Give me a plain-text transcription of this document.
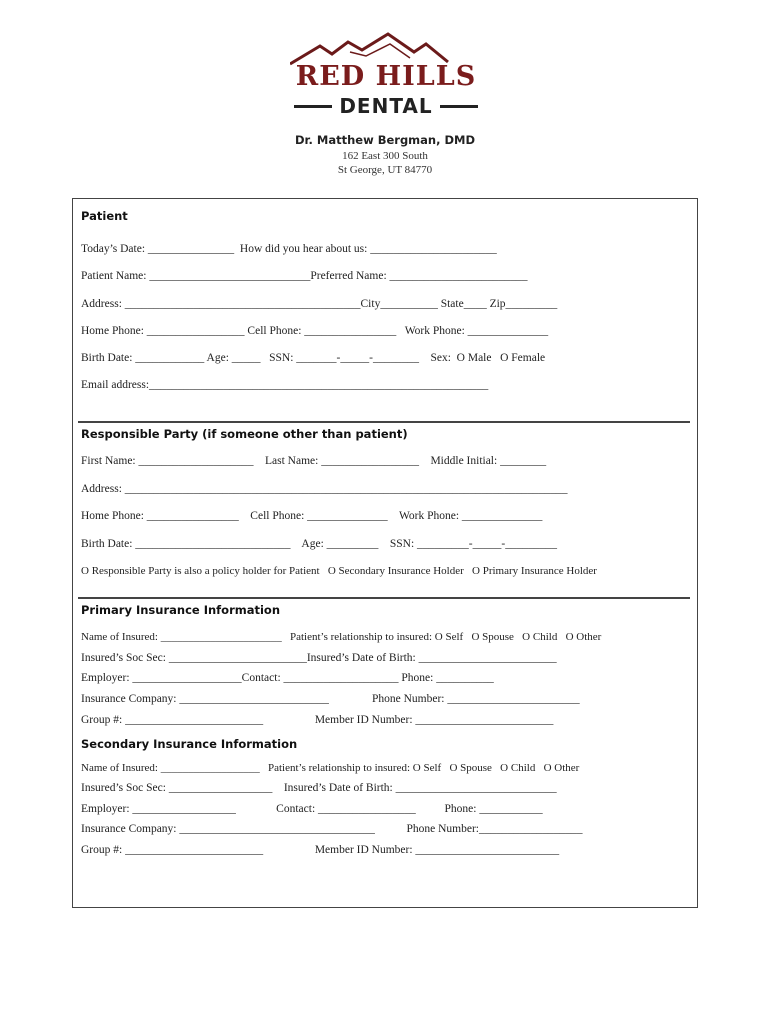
RED HILLS
DENTAL
Dr. Matthew Bergman, DMD
162 East 300 South
St George, UT 84770
Patient
Today’s Date: _______________  How did you hear about us: ______________________
Patient Name: ____________________________Preferred Name: ________________________
Address: _________________________________________City__________ State____ Zip_________
Home Phone: _________________ Cell Phone: ________________   Work Phone: ______________
Birth Date: ____________ Age: _____   SSN: _______-_____-________    Sex:  O Male   O Female
Email address:___________________________________________________________
Responsible Party (if someone other than patient)
First Name: ____________________    Last Name: _________________    Middle Initial: ________
Address: _____________________________________________________________________________
Home Phone: ________________    Cell Phone: ______________    Work Phone: ______________
Birth Date: ___________________________    Age: _________    SSN: _________-_____-_________
O Responsible Party is also a policy holder for Patient   O Secondary Insurance Holder   O Primary Insurance Holder
Primary Insurance Information
Name of Insured: ______________________   Patient’s relationship to insured: O Self   O Spouse   O Child   O Other
Insured’s Soc Sec: ________________________Insured’s Date of Birth: ________________________
Employer: ___________________Contact: ____________________ Phone: __________
Insurance Company: __________________________               Phone Number: _______________________
Group #: ________________________                  Member ID Number: ________________________
Secondary Insurance Information
Name of Insured: __________________   Patient’s relationship to insured: O Self   O Spouse   O Child   O Other
Insured’s Soc Sec: __________________    Insured’s Date of Birth: ____________________________
Employer: __________________              Contact: _________________          Phone: ___________
Insurance Company: __________________________________           Phone Number:__________________
Group #: ________________________                  Member ID Number: _________________________
